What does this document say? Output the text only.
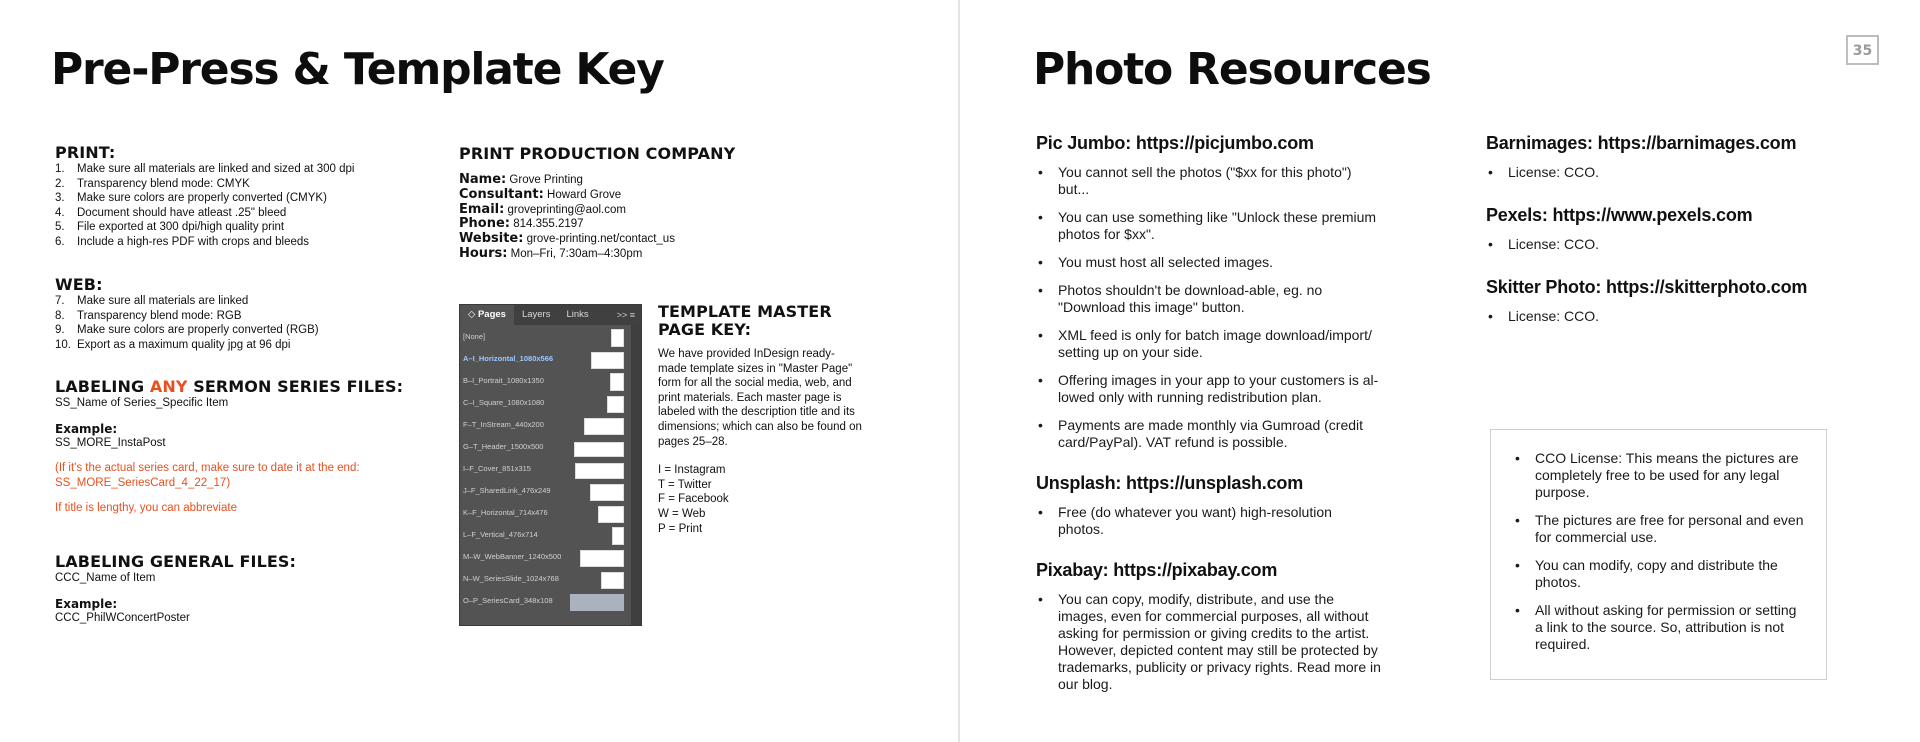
Pre-Press & Template Key
PRINT:
1.	Make sure all materials are linked and sized at 300 dpi
2.	Transparency blend mode: CMYK
3.	Make sure colors are properly converted (CMYK)
4.	Document should have atleast .25" bleed
5.	File exported at 300 dpi/high quality print
6.	Include a high-res PDF with crops and bleeds
WEB:
7.	Make sure all materials are linked
8.	Transparency blend mode: RGB
9.	Make sure colors are properly converted (RGB)
10. Export as a maximum quality jpg at 96 dpi
LABELING ANY SERMON SERIES FILES:
SS_Name of Series_Specific Item
Example:
SS_MORE_InstaPost
(If it's the actual series card, make sure to date it at the end:
SS_MORE_SeriesCard_4_22_17)
If title is lengthy, you can abbreviate
LABELING GENERAL FILES:
CCC_Name of Item
Example:
CCC_PhilWConcertPoster
PRINT PRODUCTION COMPANY
Name: Grove Printing
Consultant: Howard Grove
Email: groveprinting@aol.com
Phone: 814.355.2197
Website: grove-printing.net/contact_us
Hours: Mon–Fri, 7:30am–4:30pm
◇ Pages	Layers	Links	>> ≡
[None]
A–I_Horizontal_1080x566
B–I_Portrait_1080x1350
C–I_Square_1080x1080
F–T_InStream_440x200
G–T_Header_1500x500
I–F_Cover_851x315
J–F_SharedLink_476x249
K–F_Horizontal_714x476
L–F_Vertical_476x714
M–W_WebBanner_1240x500
N–W_SeriesSlide_1024x768
O–P_SeriesCard_348x108
TEMPLATE MASTER
PAGE KEY:
We have provided InDesign ready-
made template sizes in "Master Page"
form for all the social media, web, and
print materials. Each master page is
labeled with the description title and its
dimensions; which can also be found on
pages 25–28.
I = Instagram
T = Twitter
F = Facebook
W = Web
P = Print
Photo Resources	35
Pic Jumbo: https://picjumbo.com
• You cannot sell the photos ("$xx for this photo") but...
• You can use something like "Unlock these premium photos for $xx".
• You must host all selected images.
• Photos shouldn't be download-able, eg. no "Download this image" button.
• XML feed is only for batch image download/import/ setting up on your side.
• Offering images in your app to your customers is al- lowed only with running redistribution plan.
• Payments are made monthly via Gumroad (credit card/PayPal). VAT refund is possible.
Unsplash: https://unsplash.com
• Free (do whatever you want) high-resolution photos.
Pixabay: https://pixabay.com
• You can copy, modify, distribute, and use the images, even for commercial purposes, all without asking for permission or giving credits to the artist. However, depicted content may still be protected by trademarks, publicity or privacy rights. Read more in our blog.
Barnimages: https://barnimages.com
• License: CCO.
Pexels: https://www.pexels.com
• License: CCO.
Skitter Photo: https://skitterphoto.com
• License: CCO.
• CCO License: This means the pictures are completely free to be used for any legal purpose.
• The pictures are free for personal and even for commercial use.
• You can modify, copy and distribute the photos.
• All without asking for permission or setting a link to the source. So, attribution is not required.
